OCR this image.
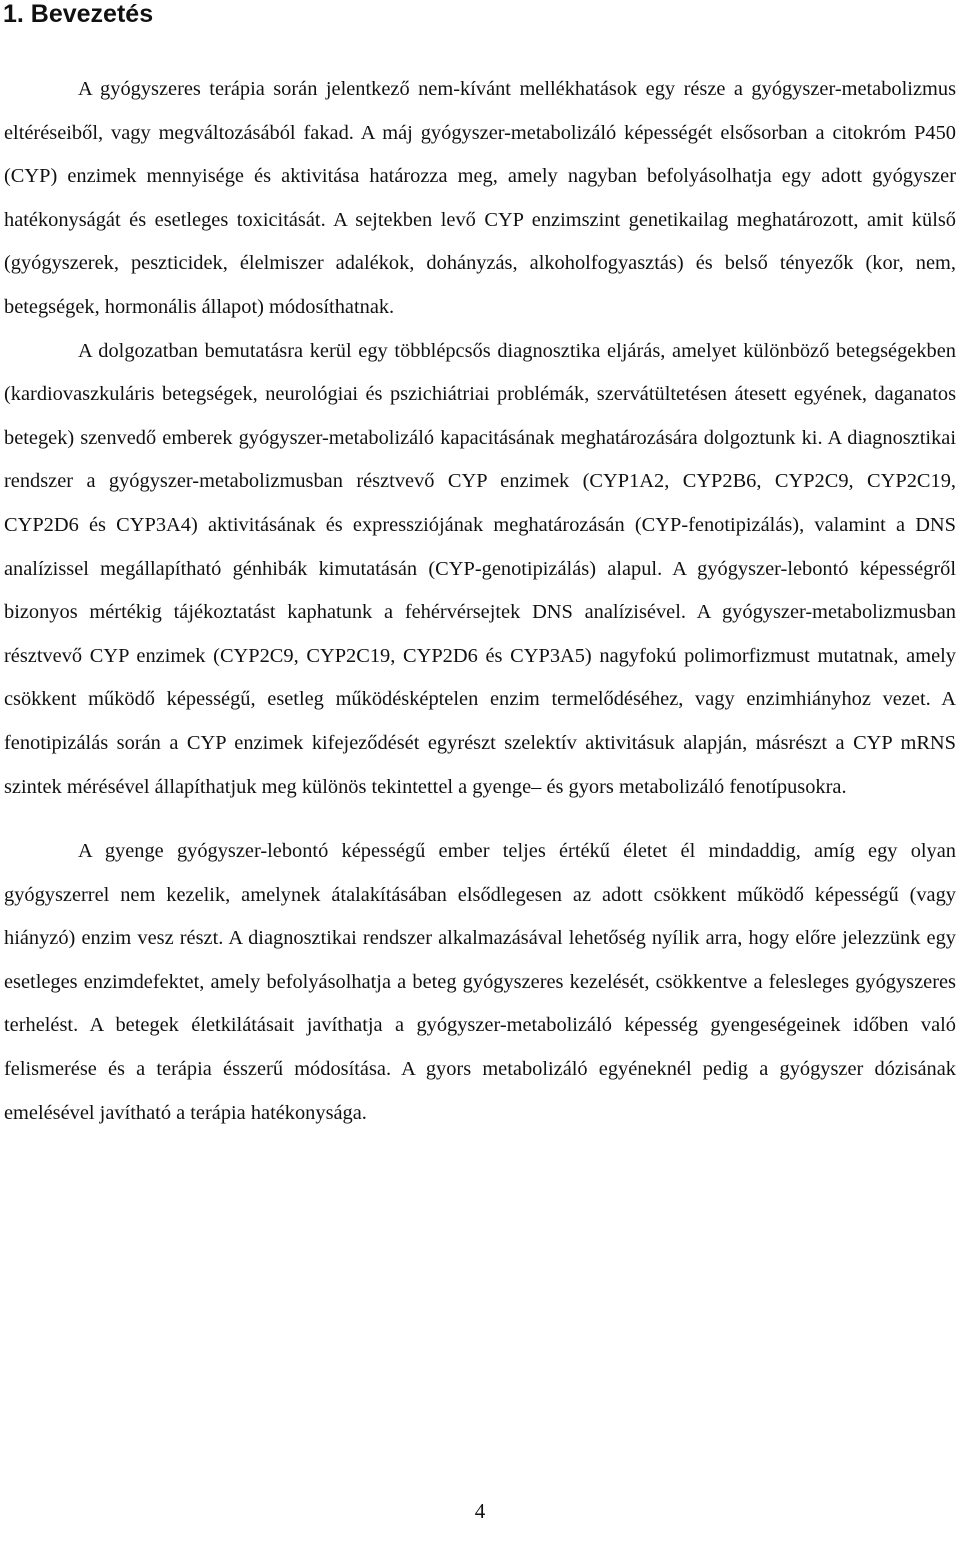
1. Bevezetés

A gyógyszeres terápia során jelentkező nem-kívánt mellékhatások egy része a gyógyszer-metabolizmus eltéréseiből, vagy megváltozásából fakad. A máj gyógyszer-metabolizáló képességét elsősorban a citokróm P450 (CYP) enzimek mennyisége és aktivitása határozza meg, amely nagyban befolyásolhatja egy adott gyógyszer hatékonyságát és esetleges toxicitását. A sejtekben levő CYP enzimszint genetikailag meghatározott, amit külső (gyógyszerek, peszticidek, élelmiszer adalékok, dohányzás, alkoholfogyasztás) és belső tényezők (kor, nem, betegségek, hormonális állapot) módosíthatnak.

A dolgozatban bemutatásra kerül egy többlépcsős diagnosztika eljárás, amelyet különböző betegségekben (kardiovaszkuláris betegségek, neurológiai és pszichiátriai problémák, szervátültetésen átesett egyének, daganatos betegek) szenvedő emberek gyógyszer-metabolizáló kapacitásának meghatározására dolgoztunk ki. A diagnosztikai rendszer a gyógyszer-metabolizmusban résztvevő CYP enzimek (CYP1A2, CYP2B6, CYP2C9, CYP2C19, CYP2D6 és CYP3A4) aktivitásának és expressziójának meghatározásán (CYP-fenotipizálás), valamint a DNS analízissel megállapítható génhibák kimutatásán (CYP-genotipizálás) alapul. A gyógyszer-lebontó képességről bizonyos mértékig tájékoztatást kaphatunk a fehérvérsejtek DNS analízisével. A gyógyszer-metabolizmusban résztvevő CYP enzimek (CYP2C9, CYP2C19, CYP2D6 és CYP3A5) nagyfokú polimorfizmust mutatnak, amely csökkent működő képességű, esetleg működésképtelen enzim termelődéséhez, vagy enzimhiányhoz vezet. A fenotipizálás során a CYP enzimek kifejeződését egyrészt szelektív aktivitásuk alapján, másrészt a CYP mRNS szintek mérésével állapíthatjuk meg különös tekintettel a gyenge– és gyors metabolizáló fenotípusokra.

A gyenge gyógyszer-lebontó képességű ember teljes értékű életet él mindaddig, amíg egy olyan gyógyszerrel nem kezelik, amelynek átalakításában elsődlegesen az adott csökkent működő képességű (vagy hiányzó) enzim vesz részt. A diagnosztikai rendszer alkalmazásával lehetőség nyílik arra, hogy előre jelezzünk egy esetleges enzimdefektet, amely befolyásolhatja a beteg gyógyszeres kezelését, csökkentve a felesleges gyógyszeres terhelést. A betegek életkilátásait javíthatja a gyógyszer-metabolizáló képesség gyengeségeinek időben való felismerése és a terápia ésszerű módosítása. A gyors metabolizáló egyéneknél pedig a gyógyszer dózisának emelésével javítható a terápia hatékonysága.

4
